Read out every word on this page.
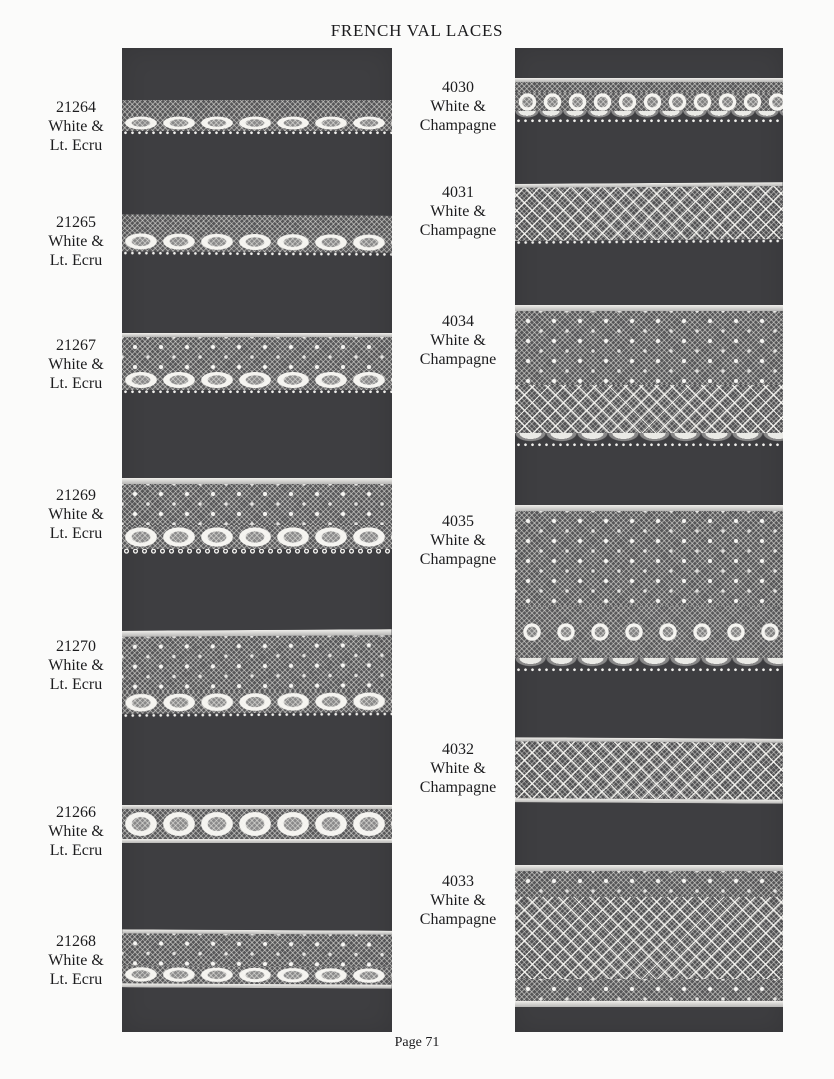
FRENCH VAL LACES
21264
White &
Lt. Ecru
21265
White &
Lt. Ecru
21267
White &
Lt. Ecru
21269
White &
Lt. Ecru
21270
White &
Lt. Ecru
21266
White &
Lt. Ecru
21268
White &
Lt. Ecru
4030
White &
Champagne
4031
White &
Champagne
4034
White &
Champagne
4035
White &
Champagne
4032
White &
Champagne
4033
White &
Champagne
Page 71
